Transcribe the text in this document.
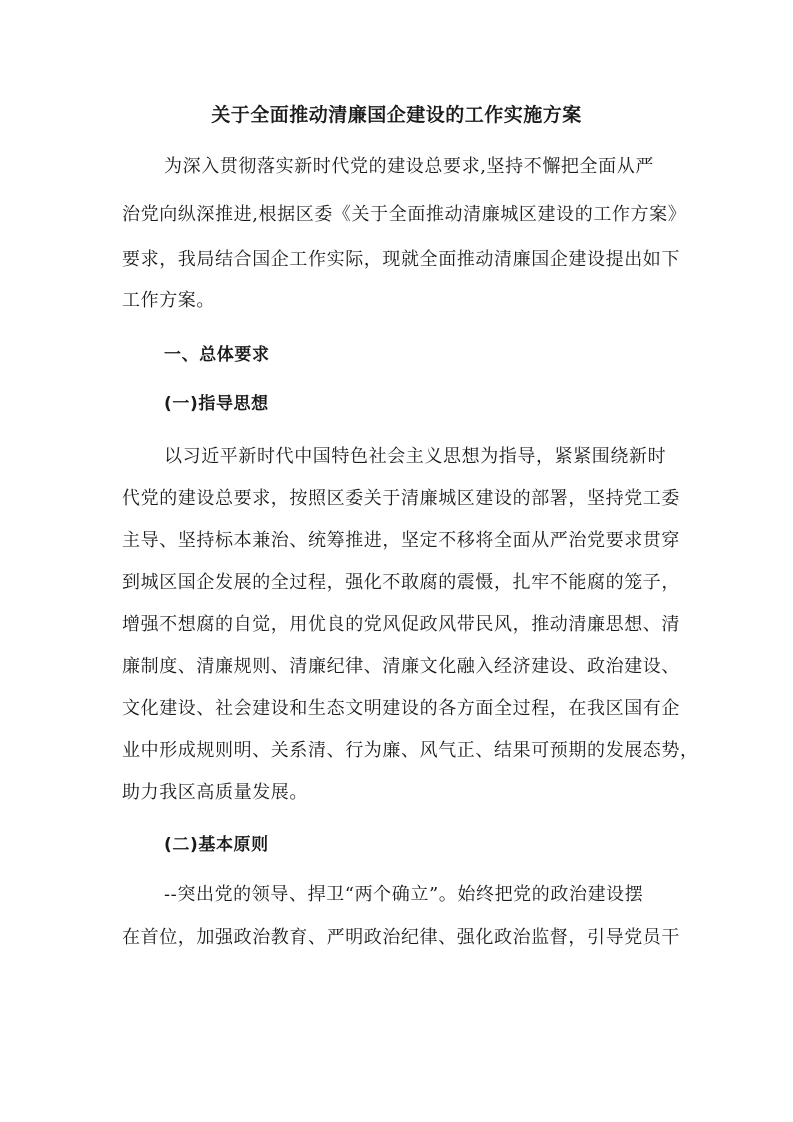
关于全面推动清廉国企建设的工作实施方案
为深入贯彻落实新时代党的建设总要求,坚持不懈把全面从严
治党向纵深推进,根据区委《关于全面推动清廉城区建设的工作方案》
要求，我局结合国企工作实际，现就全面推动清廉国企建设提出如下
工作方案。
一、总体要求
(一)指导思想
以习近平新时代中国特色社会主义思想为指导，紧紧围绕新时
代党的建设总要求，按照区委关于清廉城区建设的部署，坚持党工委
主导、坚持标本兼治、统筹推进，坚定不移将全面从严治党要求贯穿
到城区国企发展的全过程，强化不敢腐的震慑，扎牢不能腐的笼子，
增强不想腐的自觉，用优良的党风促政风带民风，推动清廉思想、清
廉制度、清廉规则、清廉纪律、清廉文化融入经济建设、政治建设、
文化建设、社会建设和生态文明建设的各方面全过程，在我区国有企
业中形成规则明、关系清、行为廉、风气正、结果可预期的发展态势，
助力我区高质量发展。
(二)基本原则
--突出党的领导、捍卫“两个确立”。始终把党的政治建设摆
在首位，加强政治教育、严明政治纪律、强化政治监督，引导党员干
